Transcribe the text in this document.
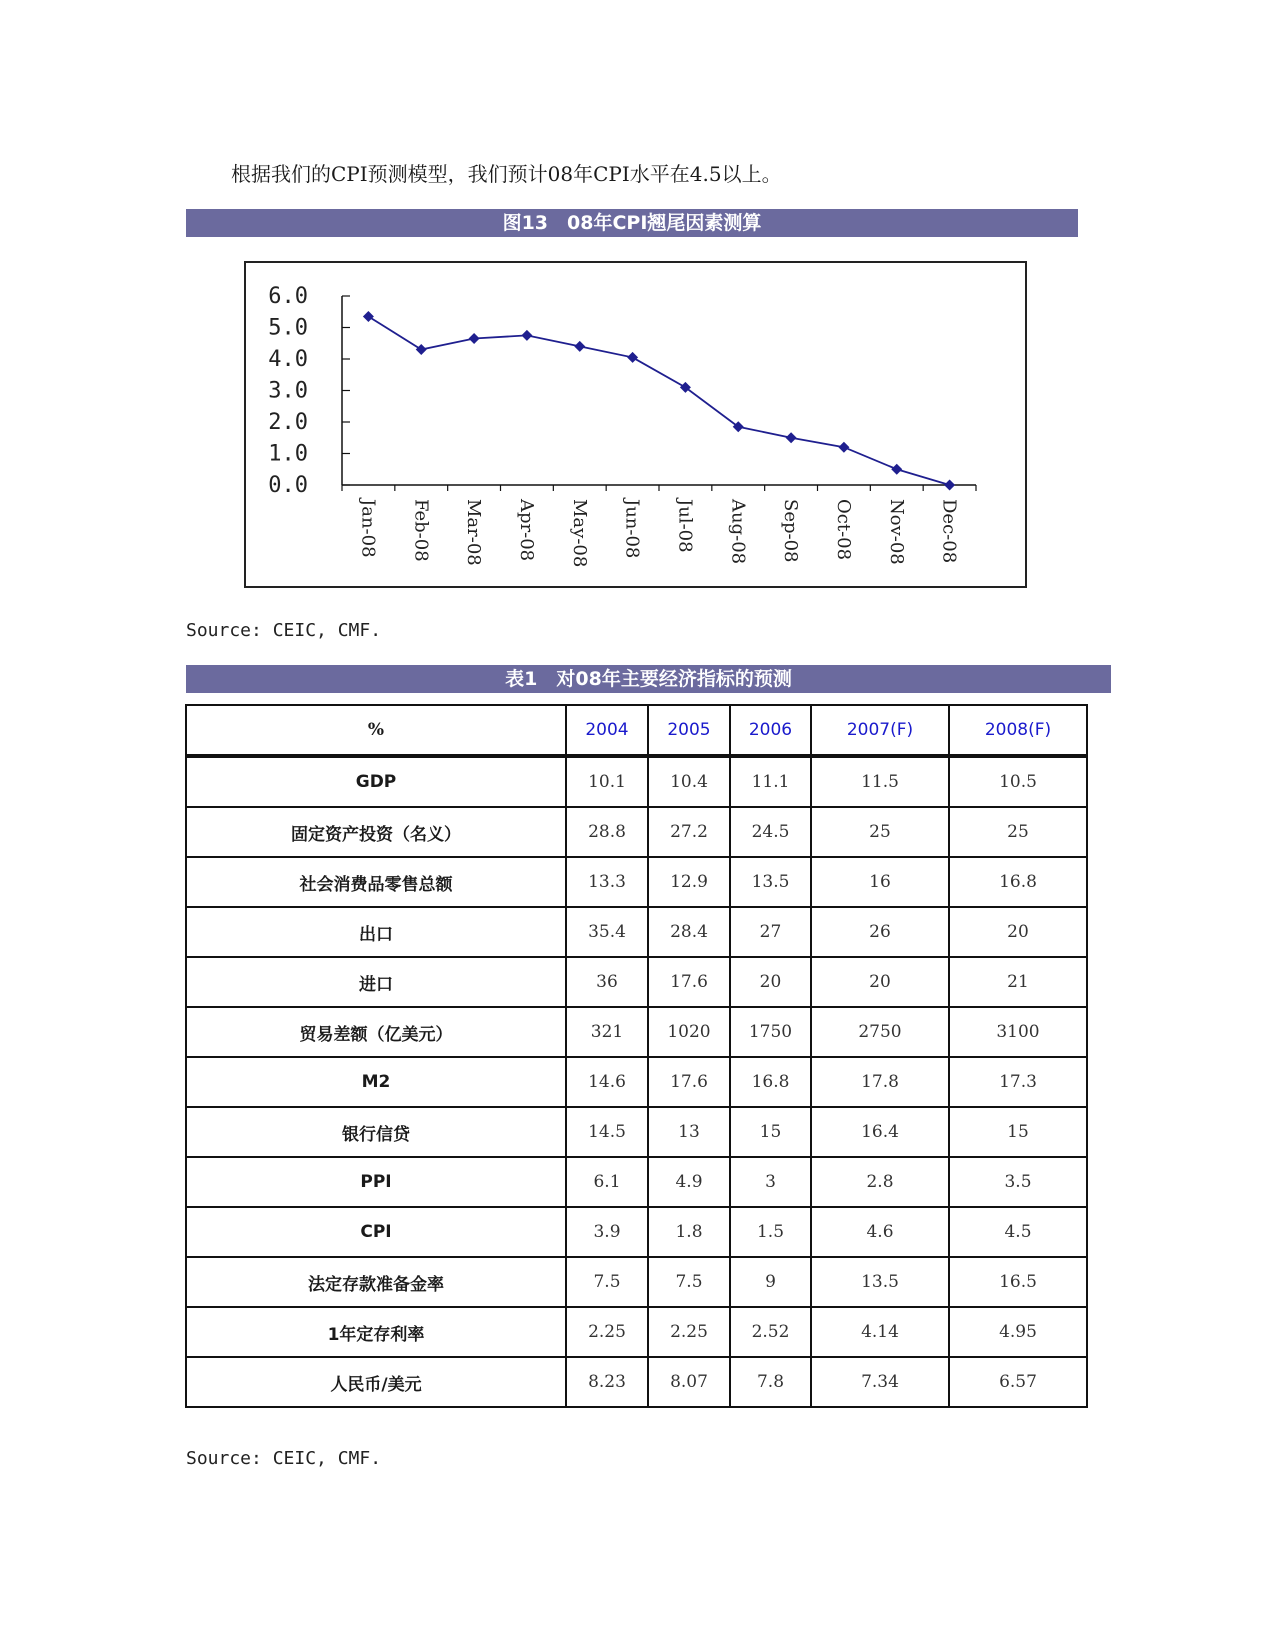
根据我们的CPI预测模型，我们预计08年CPI水平在4.5以上。
图13　08年CPI翘尾因素测算
6.0
5.0
4.0
3.0
2.0
1.0
0.0
Jan-08 Feb-08 Mar-08 Apr-08 May-08 Jun-08 Jul-08 Aug-08 Sep-08 Oct-08 Nov-08 Dec-08
Source: CEIC, CMF.
表1　对08年主要经济指标的预测
%	2004	2005	2006	2007(F)	2008(F)
GDP	10.1	10.4	11.1	11.5	10.5
固定资产投资（名义）	28.8	27.2	24.5	25	25
社会消费品零售总额	13.3	12.9	13.5	16	16.8
出口	35.4	28.4	27	26	20
进口	36	17.6	20	20	21
贸易差额（亿美元）	321	1020	1750	2750	3100
M2	14.6	17.6	16.8	17.8	17.3
银行信贷	14.5	13	15	16.4	15
PPI	6.1	4.9	3	2.8	3.5
CPI	3.9	1.8	1.5	4.6	4.5
法定存款准备金率	7.5	7.5	9	13.5	16.5
1年定存利率	2.25	2.25	2.52	4.14	4.95
人民币/美元	8.23	8.07	7.8	7.34	6.57
Source: CEIC, CMF.
